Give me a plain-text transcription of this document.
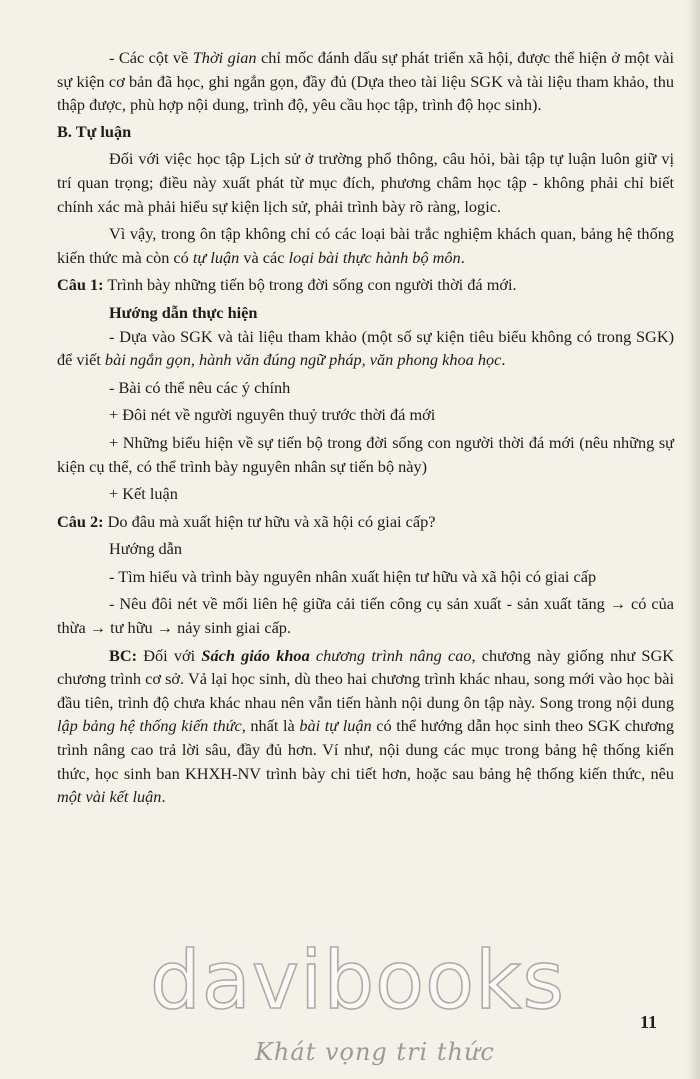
- Các cột về Thời gian chỉ mốc đánh dấu sự phát triển xã hội, được thể hiện ở một vài sự kiện cơ bản đã học, ghi ngắn gọn, đầy đủ (Dựa theo tài liệu SGK và tài liệu tham khảo, thu thập được, phù hợp nội dung, trình độ, yêu cầu học tập, trình độ học sinh).

B. Tự luận

Đối với việc học tập Lịch sử ở trường phổ thông, câu hỏi, bài tập tự luận luôn giữ vị trí quan trọng; điều này xuất phát từ mục đích, phương châm học tập - không phải chỉ biết chính xác mà phải hiểu sự kiện lịch sử, phải trình bày rõ ràng, logic.

Vì vậy, trong ôn tập không chỉ có các loại bài trắc nghiệm khách quan, bảng hệ thống kiến thức mà còn có tự luận và các loại bài thực hành bộ môn.

Câu 1: Trình bày những tiến bộ trong đời sống con người thời đá mới.

Hướng dẫn thực hiện

- Dựa vào SGK và tài liệu tham khảo (một số sự kiện tiêu biểu không có trong SGK) để viết bài ngắn gọn, hành văn đúng ngữ pháp, văn phong khoa học.

- Bài có thể nêu các ý chính

+ Đôi nét về người nguyên thuỷ trước thời đá mới

+ Những biểu hiện về sự tiến bộ trong đời sống con người thời đá mới (nêu những sự kiện cụ thể, có thể trình bày nguyên nhân sự tiến bộ này)

+ Kết luận

Câu 2: Do đâu mà xuất hiện tư hữu và xã hội có giai cấp?

Hướng dẫn

- Tìm hiểu và trình bày nguyên nhân xuất hiện tư hữu và xã hội có giai cấp

- Nêu đôi nét về mối liên hệ giữa cải tiến công cụ sản xuất - sản xuất tăng → có của thừa → tư hữu → nảy sinh giai cấp.

BC: Đối với Sách giáo khoa chương trình nâng cao, chương này giống như SGK chương trình cơ sở. Vả lại học sinh, dù theo hai chương trình khác nhau, song mới vào học bài đầu tiên, trình độ chưa khác nhau nên vẫn tiến hành nội dung ôn tập này. Song trong nội dung lập bảng hệ thống kiến thức, nhất là bài tự luận có thể hướng dẫn học sinh theo SGK chương trình nâng cao trả lời sâu, đầy đủ hơn. Ví như, nội dung các mục trong bảng hệ thống kiến thức, học sinh ban KHXH-NV trình bày chi tiết hơn, hoặc sau bảng hệ thống kiến thức, nêu một vài kết luận.

davibooks
Khát vọng tri thức
11
